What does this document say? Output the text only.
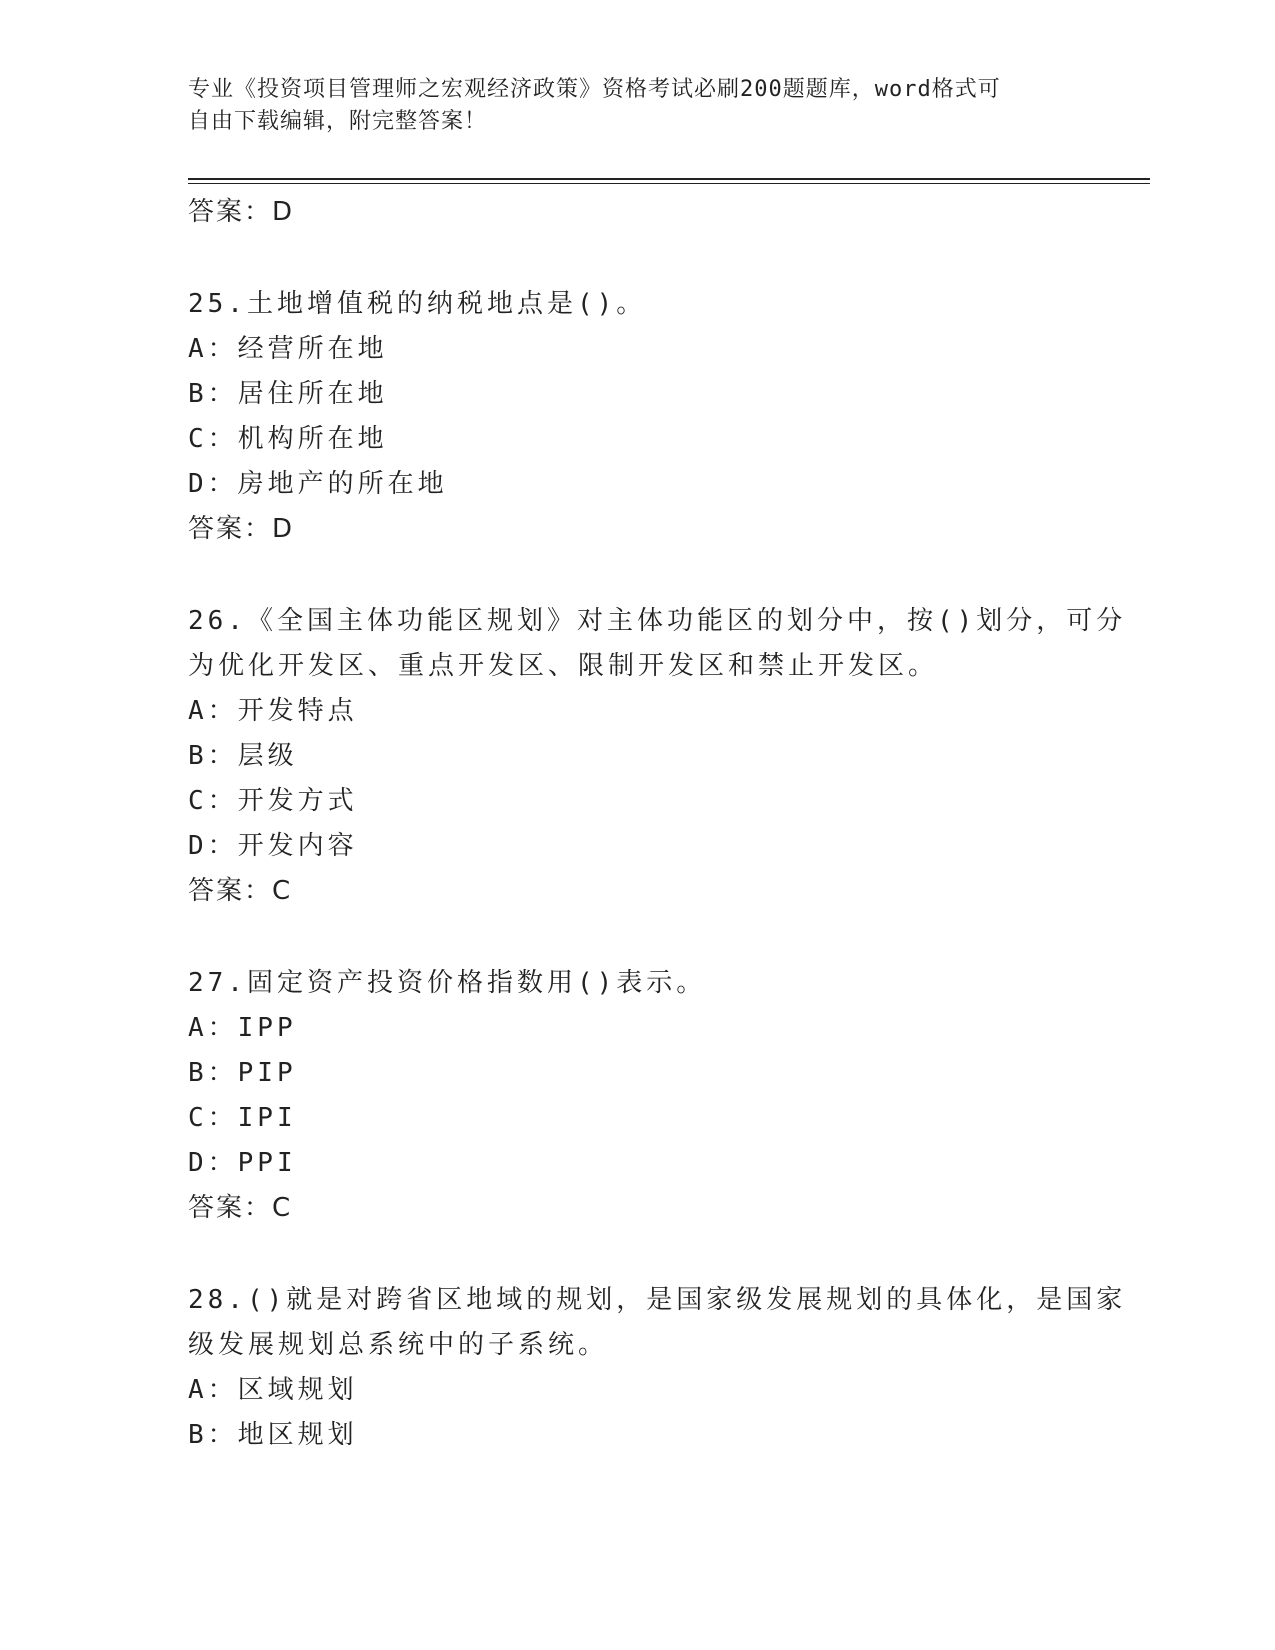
专业《投资项目管理师之宏观经济政策》资格考试必刷200题题库，word格式可
自由下载编辑，附完整答案！
答案：D
25.土地增值税的纳税地点是()。
A：经营所在地
B：居住所在地
C：机构所在地
D：房地产的所在地
答案：D
26.《全国主体功能区规划》对主体功能区的划分中，按()划分，可分
为优化开发区、重点开发区、限制开发区和禁止开发区。
A：开发特点
B：层级
C：开发方式
D：开发内容
答案：C
27.固定资产投资价格指数用()表示。
A：IPP
B：PIP
C：IPI
D：PPI
答案：C
28.()就是对跨省区地域的规划，是国家级发展规划的具体化，是国家
级发展规划总系统中的子系统。
A：区域规划
B：地区规划
